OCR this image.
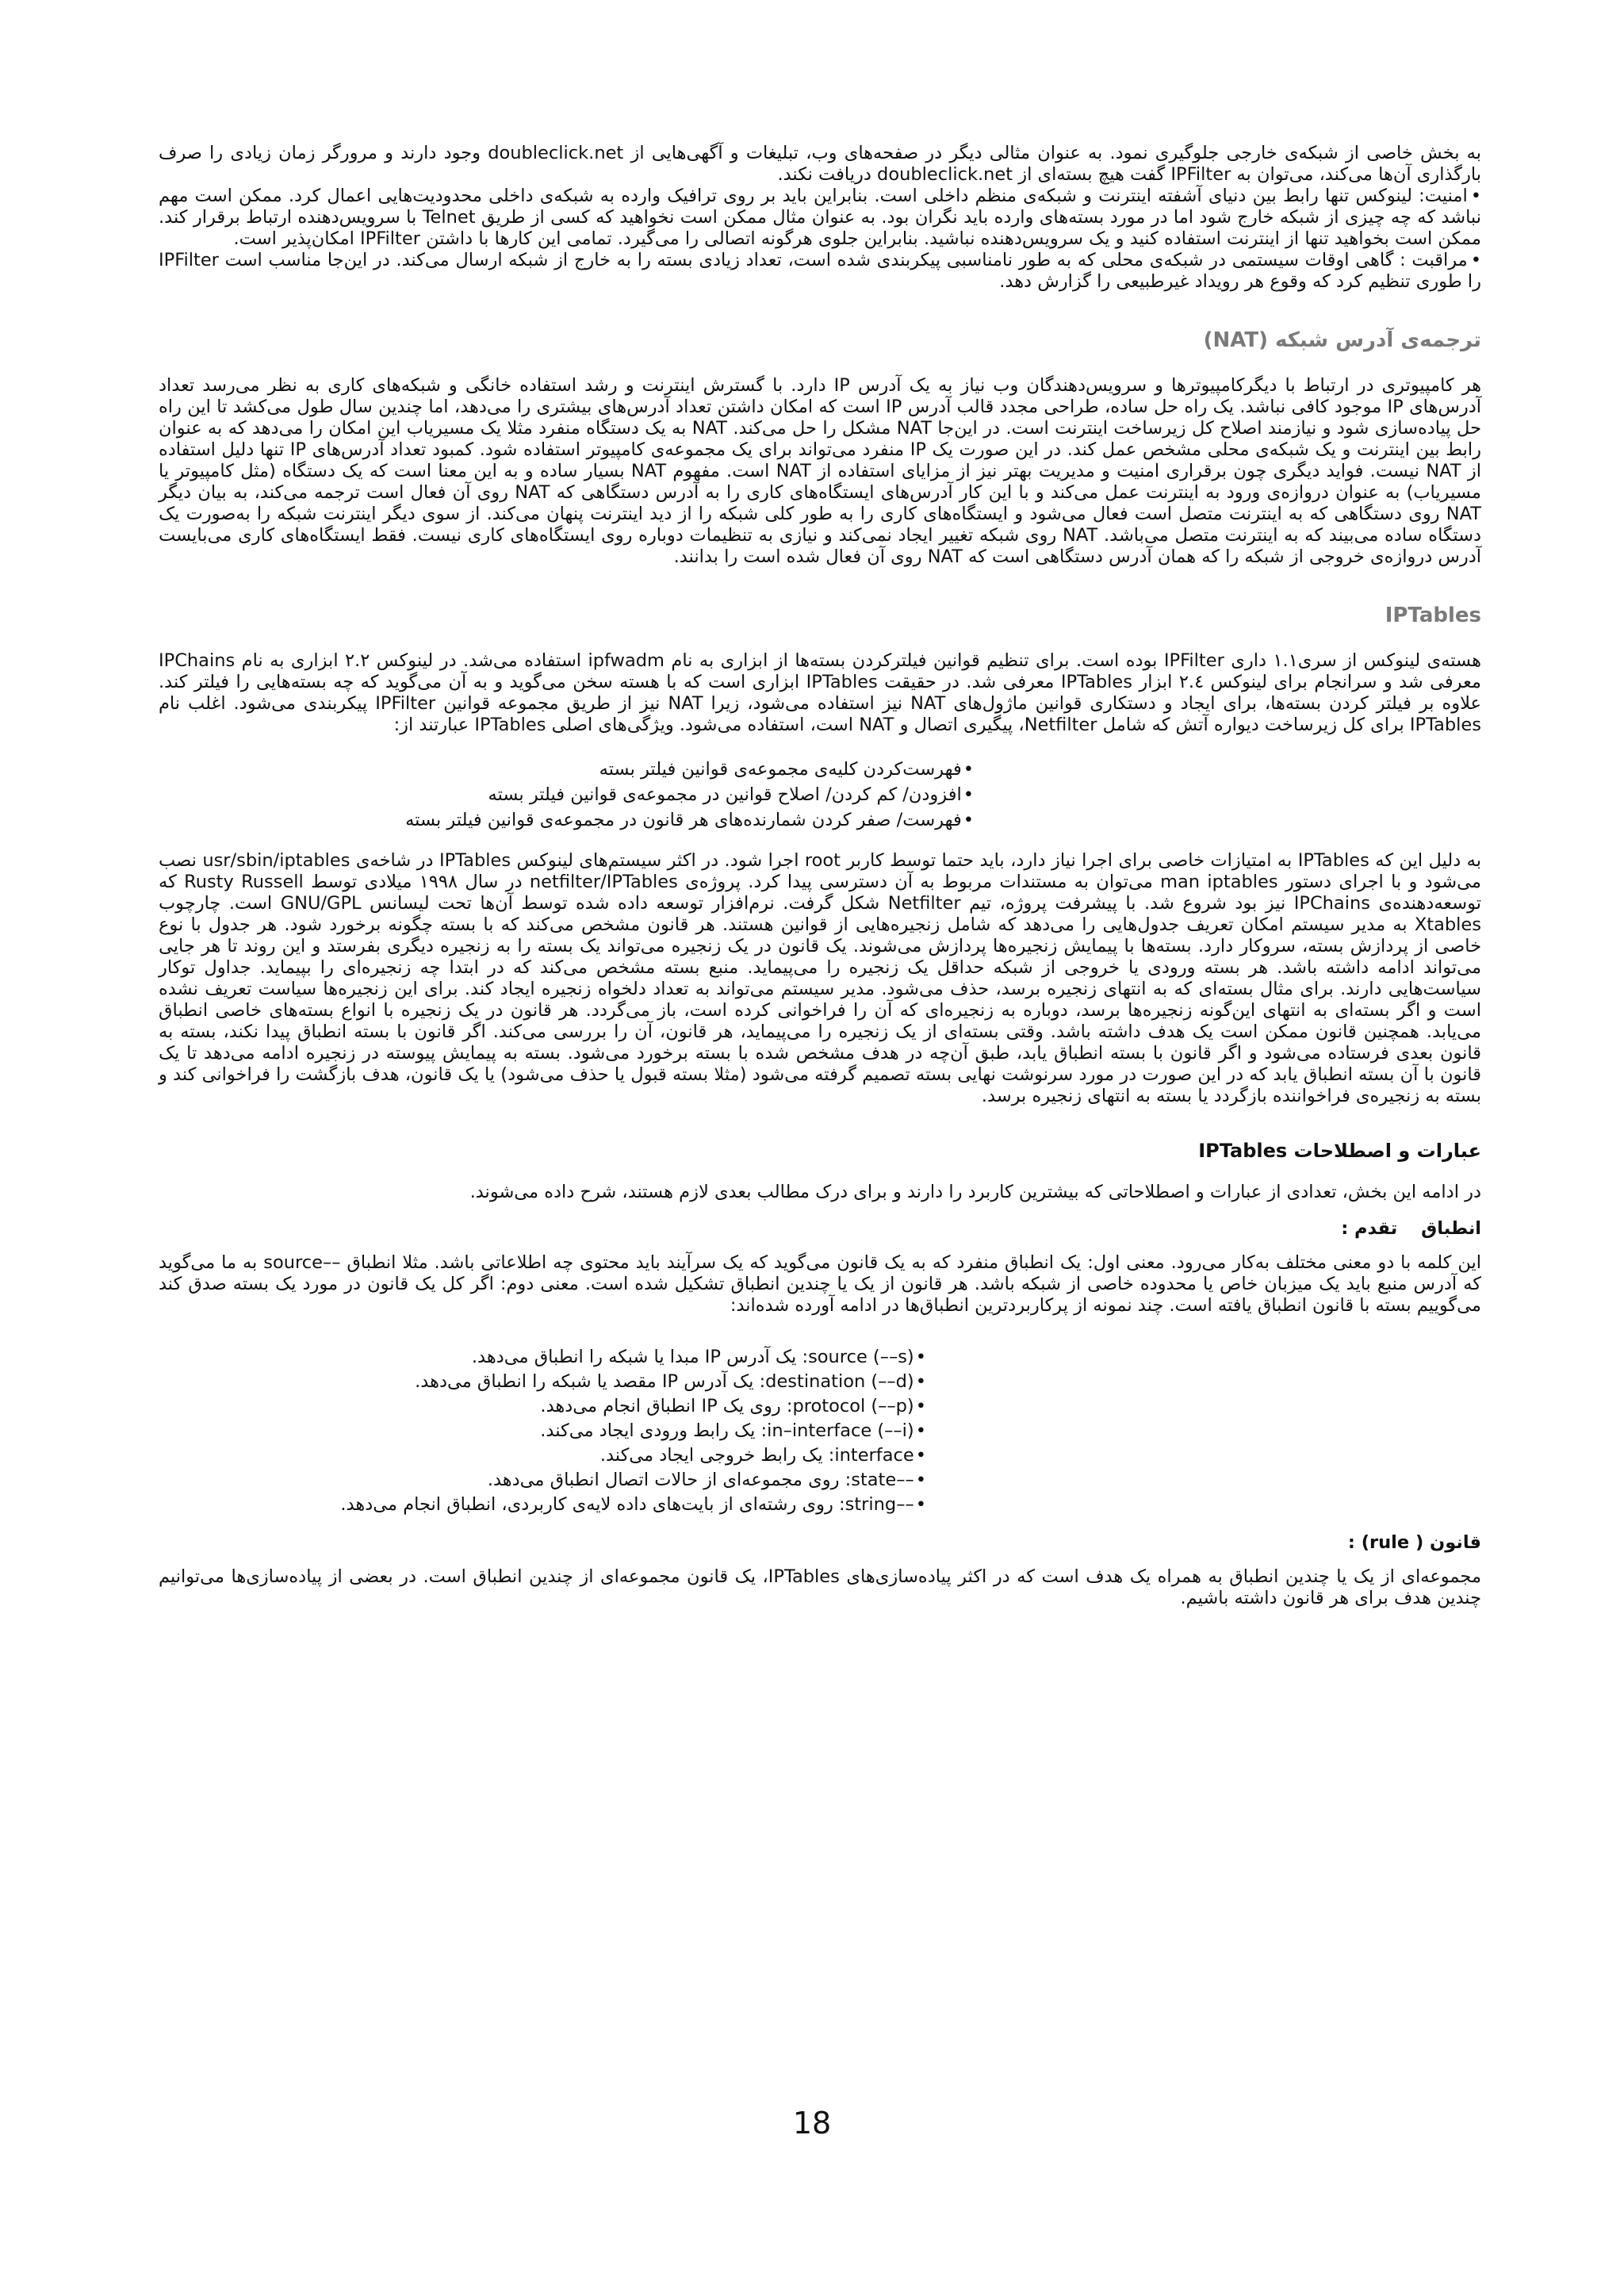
به بخش خاصی از شبکه‌ی خارجی جلوگیری نمود. به عنوان مثالی دیگر در صفحه‌های وب، تبلیغات و آگهی‌هایی از doubleclick.net وجود دارند و مرورگر زمان زیادی را صرف بارگذاری آن‌ها می‌کند، می‌توان به IPFilter گفت هیچ بسته‌ای از doubleclick.net دریافت نکند.

• امنیت: لینوکس تنها رابط بین دنیای آشفته اینترنت و شبکه‌ی منظم داخلی است. بنابراین باید بر روی ترافیک وارده به شبکه‌ی داخلی محدودیت‌هایی اعمال کرد. ممکن است مهم نباشد که چه چیزی از شبکه خارج شود اما در مورد بسته‌های وارده باید نگران بود. به عنوان مثال ممکن است نخواهید که کسی از طریق Telnet با سرویس‌دهنده ارتباط برقرار کند. ممکن است بخواهید تنها از اینترنت استفاده کنید و یک سرویس‌دهنده نباشید. بنابراین جلوی هرگونه اتصالی را می‌گیرد. تمامی این کارها با داشتن IPFilter امکان‌پذیر است.

• مراقبت : گاهی اوقات سیستمی در شبکه‌ی محلی که به طور نامناسبی پیکربندی شده است، تعداد زیادی بسته را به خارج از شبکه ارسال می‌کند. در این‌جا مناسب است IPFilter را طوری تنظیم کرد که وقوع هر رویداد غیرطبیعی را گزارش دهد.

ترجمه‌ی آدرس شبکه (NAT)

هر کامپیوتری در ارتباط با دیگرکامپیوترها و سرویس‌دهندگان وب نیاز به یک آدرس IP دارد. با گسترش اینترنت و رشد استفاده خانگی و شبکه‌های کاری به نظر می‌رسد تعداد آدرس‌های IP موجود کافی نباشد. یک راه حل ساده، طراحی مجدد قالب آدرس IP است که امکان داشتن تعداد آدرس‌های بیشتری را می‌دهد، اما چندین سال طول می‌کشد تا این راه حل پیاده‌سازی شود و نیازمند اصلاح کل زیرساخت اینترنت است. در این‌جا NAT مشکل را حل می‌کند. NAT به یک دستگاه منفرد مثلا یک مسیریاب این امکان را می‌دهد که به عنوان رابط بین اینترنت و یک شبکه‌ی محلی مشخص عمل کند. در این صورت یک IP منفرد می‌تواند برای یک مجموعه‌ی کامپیوتر استفاده شود. کمبود تعداد آدرس‌های IP تنها دلیل استفاده از NAT نیست. فواید دیگری چون برقراری امنیت و مدیریت بهتر نیز از مزایای استفاده از NAT است. مفهوم NAT بسیار ساده و به این معنا است که یک دستگاه (مثل کامپیوتر یا مسیریاب) به عنوان دروازه‌ی ورود به اینترنت عمل می‌کند و با این کار آدرس‌های ایستگاه‌های کاری را به آدرس دستگاهی که NAT روی آن فعال است ترجمه می‌کند، به بیان دیگر NAT روی دستگاهی که به اینترنت متصل است فعال می‌شود و ایستگاه‌های کاری را به طور کلی شبکه را از دید اینترنت پنهان می‌کند. از سوی دیگر اینترنت شبکه را به‌صورت یک دستگاه ساده می‌بیند که به اینترنت متصل می‌باشد. NAT روی شبکه تغییر ایجاد نمی‌کند و نیازی به تنظیمات دوباره روی ایستگاه‌های کاری نیست. فقط ایستگاه‌های کاری می‌بایست آدرس دروازه‌ی خروجی از شبکه را که همان آدرس دستگاهی است که NAT روی آن فعال شده است را بدانند.

IPTables

هسته‌ی لینوکس از سری۱.۱ داری IPFilter بوده است. برای تنظیم قوانین فیلترکردن بسته‌ها از ابزاری به نام ipfwadm استفاده می‌شد. در لینوکس ۲.۲ ابزاری به نام IPChains معرفی شد و سرانجام برای لینوکس ۲.٤ ابزار IPTables معرفی شد. در حقیقت IPTables ابزاری است که با هسته سخن می‌گوید و به آن می‌گوید که چه بسته‌هایی را فیلتر کند. علاوه بر فیلتر کردن بسته‌ها، برای ایجاد و دستکاری قوانین ماژول‌های NAT نیز استفاده می‌شود، زیرا NAT نیز از طریق مجموعه قوانین IPFilter پیکربندی می‌شود. اغلب نام IPTables برای کل زیرساخت دیواره آتش که شامل Netfilter، پیگیری اتصال و NAT است، استفاده می‌شود. ویژگی‌های اصلی IPTables عبارتند از:

• فهرست‌کردن کلیه‌ی مجموعه‌ی قوانین فیلتر بسته
• افزودن/ کم کردن/ اصلاح قوانین در مجموعه‌ی قوانین فیلتر بسته
• فهرست/ صفر کردن شمارنده‌های هر قانون در مجموعه‌ی قوانین فیلتر بسته

به دلیل این که IPTables به امتیازات خاصی برای اجرا نیاز دارد، باید حتما توسط کاربر root اجرا شود. در اکثر سیستم‌های لینوکس IPTables در شاخه‌ی usr/sbin/iptables نصب می‌شود و با اجرای دستور man iptables می‌توان به مستندات مربوط به آن دسترسی پیدا کرد. پروژه‌ی netfilter/IPTables در سال ۱۹۹۸ میلادی توسط Rusty Russell که توسعه‌دهنده‌ی IPChains نیز بود شروع شد. با پیشرفت پروژه، تیم Netfilter شکل گرفت. نرم‌افزار توسعه داده شده توسط آن‌ها تحت لیسانس GNU/GPL است. چارچوب Xtables به مدیر سیستم امکان تعریف جدول‌هایی را می‌دهد که شامل زنجیره‌هایی از قوانین هستند. هر قانون مشخص می‌کند که با بسته چگونه برخورد شود. هر جدول با نوع خاصی از پردازش بسته، سروکار دارد. بسته‌ها با پیمایش زنجیره‌ها پردازش می‌شوند. یک قانون در یک زنجیره می‌تواند یک بسته را به زنجیره دیگری بفرستد و این روند تا هر جایی می‌تواند ادامه داشته باشد. هر بسته ورودی یا خروجی از شبکه حداقل یک زنجیره را می‌پیماید. منبع بسته مشخص می‌کند که در ابتدا چه زنجیره‌ای را بپیماید. جداول توکار سیاست‌هایی دارند. برای مثال بسته‌ای که به انتهای زنجیره برسد، حذف می‌شود. مدیر سیستم می‌تواند به تعداد دلخواه زنجیره ایجاد کند. برای این زنجیره‌ها سیاست تعریف نشده است و اگر بسته‌ای به انتهای این‌گونه زنجیره‌ها برسد، دوباره به زنجیره‌ای که آن را فراخوانی کرده است، باز می‌گردد. هر قانون در یک زنجیره با انواع بسته‌های خاصی انطباق می‌یابد. همچنین قانون ممکن است یک هدف داشته باشد. وقتی بسته‌ای از یک زنجیره را می‌پیماید، هر قانون، آن را بررسی می‌کند. اگر قانون با بسته انطباق پیدا نکند، بسته به قانون بعدی فرستاده می‌شود و اگر قانون با بسته انطباق یابد، طبق آن‌چه در هدف مشخص شده با بسته برخورد می‌شود. بسته به پیمایش پیوسته در زنجیره ادامه می‌دهد تا یک قانون با آن بسته انطباق یابد که در این صورت در مورد سرنوشت نهایی بسته تصمیم گرفته می‌شود (مثلا بسته قبول یا حذف می‌شود) یا یک قانون، هدف بازگشت را فراخوانی کند و بسته به زنجیره‌ی فراخواننده بازگردد یا بسته به انتهای زنجیره برسد.

عبارات و اصطلاحات IPTables

در ادامه این بخش، تعدادی از عبارات و اصطلاحاتی که بیشترین کاربرد را دارند و برای درک مطالب بعدی لازم هستند، شرح داده می‌شوند.

انطباقتقدم :

این کلمه با دو معنی مختلف به‌کار می‌رود. معنی اول: یک انطباق منفرد که به یک قانون می‌گوید که یک سرآیند باید محتوی چه اطلاعاتی باشد. مثلا انطباق ––source به ما می‌گوید که آدرس منبع باید یک میزبان خاص یا محدوده خاصی از شبکه باشد. هر قانون از یک یا چندین انطباق تشکیل شده است. معنی دوم: اگر کل یک قانون در مورد یک بسته صدق کند می‌گوییم بسته با قانون انطباق یافته است. چند نمونه از پرکاربردترین انطباق‌ها در ادامه آورده شده‌اند:

• source (––s): یک آدرس IP مبدا یا شبکه را انطباق می‌دهد.
• destination (––d): یک آدرس IP مقصد یا شبکه را انطباق می‌دهد.
• protocol (––p): روی یک IP انطباق انجام می‌دهد.
• in–interface (––i): یک رابط ورودی ایجاد می‌کند.
• interface: یک رابط خروجی ایجاد می‌کند.
• ––state: روی مجموعه‌ای از حالات اتصال انطباق می‌دهد.
• ––string: روی رشته‌ای از بایت‌های داده لایه‌ی کاربردی، انطباق انجام می‌دهد.
قانون ( rule) :

مجموعه‌ای از یک یا چندین انطباق به همراه یک هدف است که در اکثر پیاده‌سازی‌های IPTables، یک قانون مجموعه‌ای از چندین انطباق است. در بعضی از پیاده‌سازی‌ها می‌توانیم چندین هدف برای هر قانون داشته باشیم.

18
